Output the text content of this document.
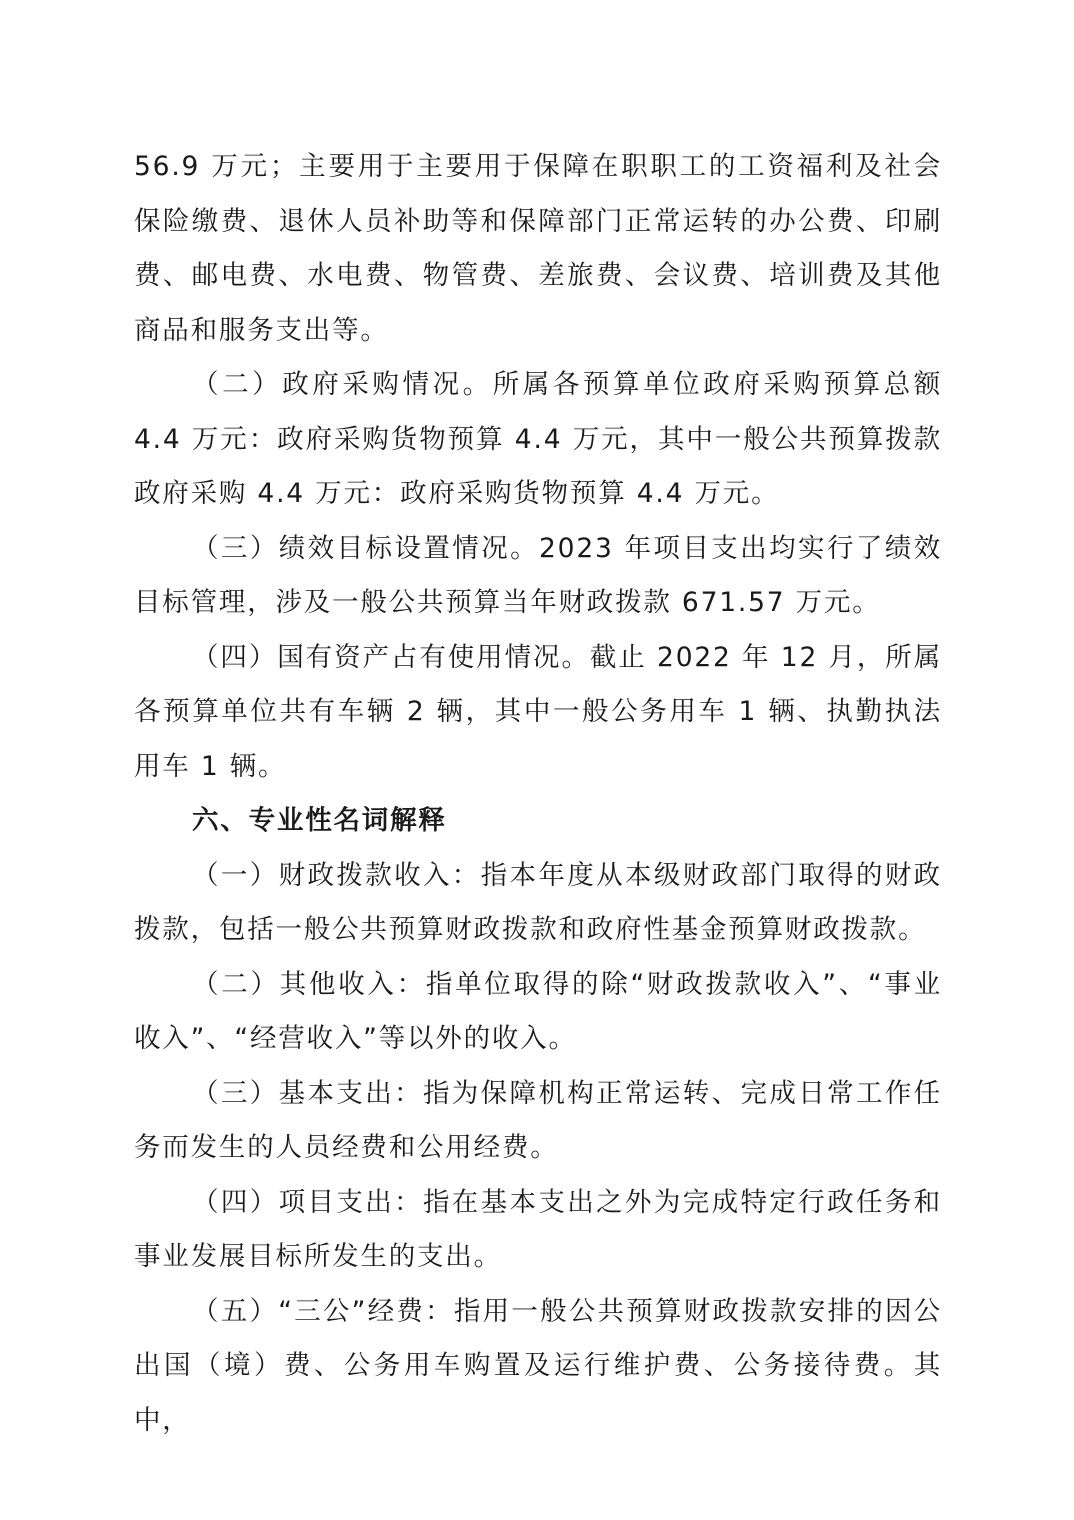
56.9 万元；主要用于主要用于保障在职职工的工资福利及社会保险缴费、退休人员补助等和保障部门正常运转的办公费、印刷费、邮电费、水电费、物管费、差旅费、会议费、培训费及其他商品和服务支出等。

（二）政府采购情况。所属各预算单位政府采购预算总额 4.4 万元：政府采购货物预算 4.4 万元，其中一般公共预算拨款政府采购 4.4 万元：政府采购货物预算 4.4 万元。

（三）绩效目标设置情况。2023 年项目支出均实行了绩效目标管理，涉及一般公共预算当年财政拨款 671.57 万元。

（四）国有资产占有使用情况。截止 2022 年 12 月，所属各预算单位共有车辆 2 辆，其中一般公务用车 1 辆、执勤执法用车 1 辆。

六、专业性名词解释

（一）财政拨款收入：指本年度从本级财政部门取得的财政拨款，包括一般公共预算财政拨款和政府性基金预算财政拨款。

（二）其他收入：指单位取得的除“财政拨款收入”、“事业收入”、“经营收入”等以外的收入。

（三）基本支出：指为保障机构正常运转、完成日常工作任务而发生的人员经费和公用经费。

（四）项目支出：指在基本支出之外为完成特定行政任务和事业发展目标所发生的支出。

（五）“三公”经费：指用一般公共预算财政拨款安排的因公出国（境）费、公务用车购置及运行维护费、公务接待费。其中，
